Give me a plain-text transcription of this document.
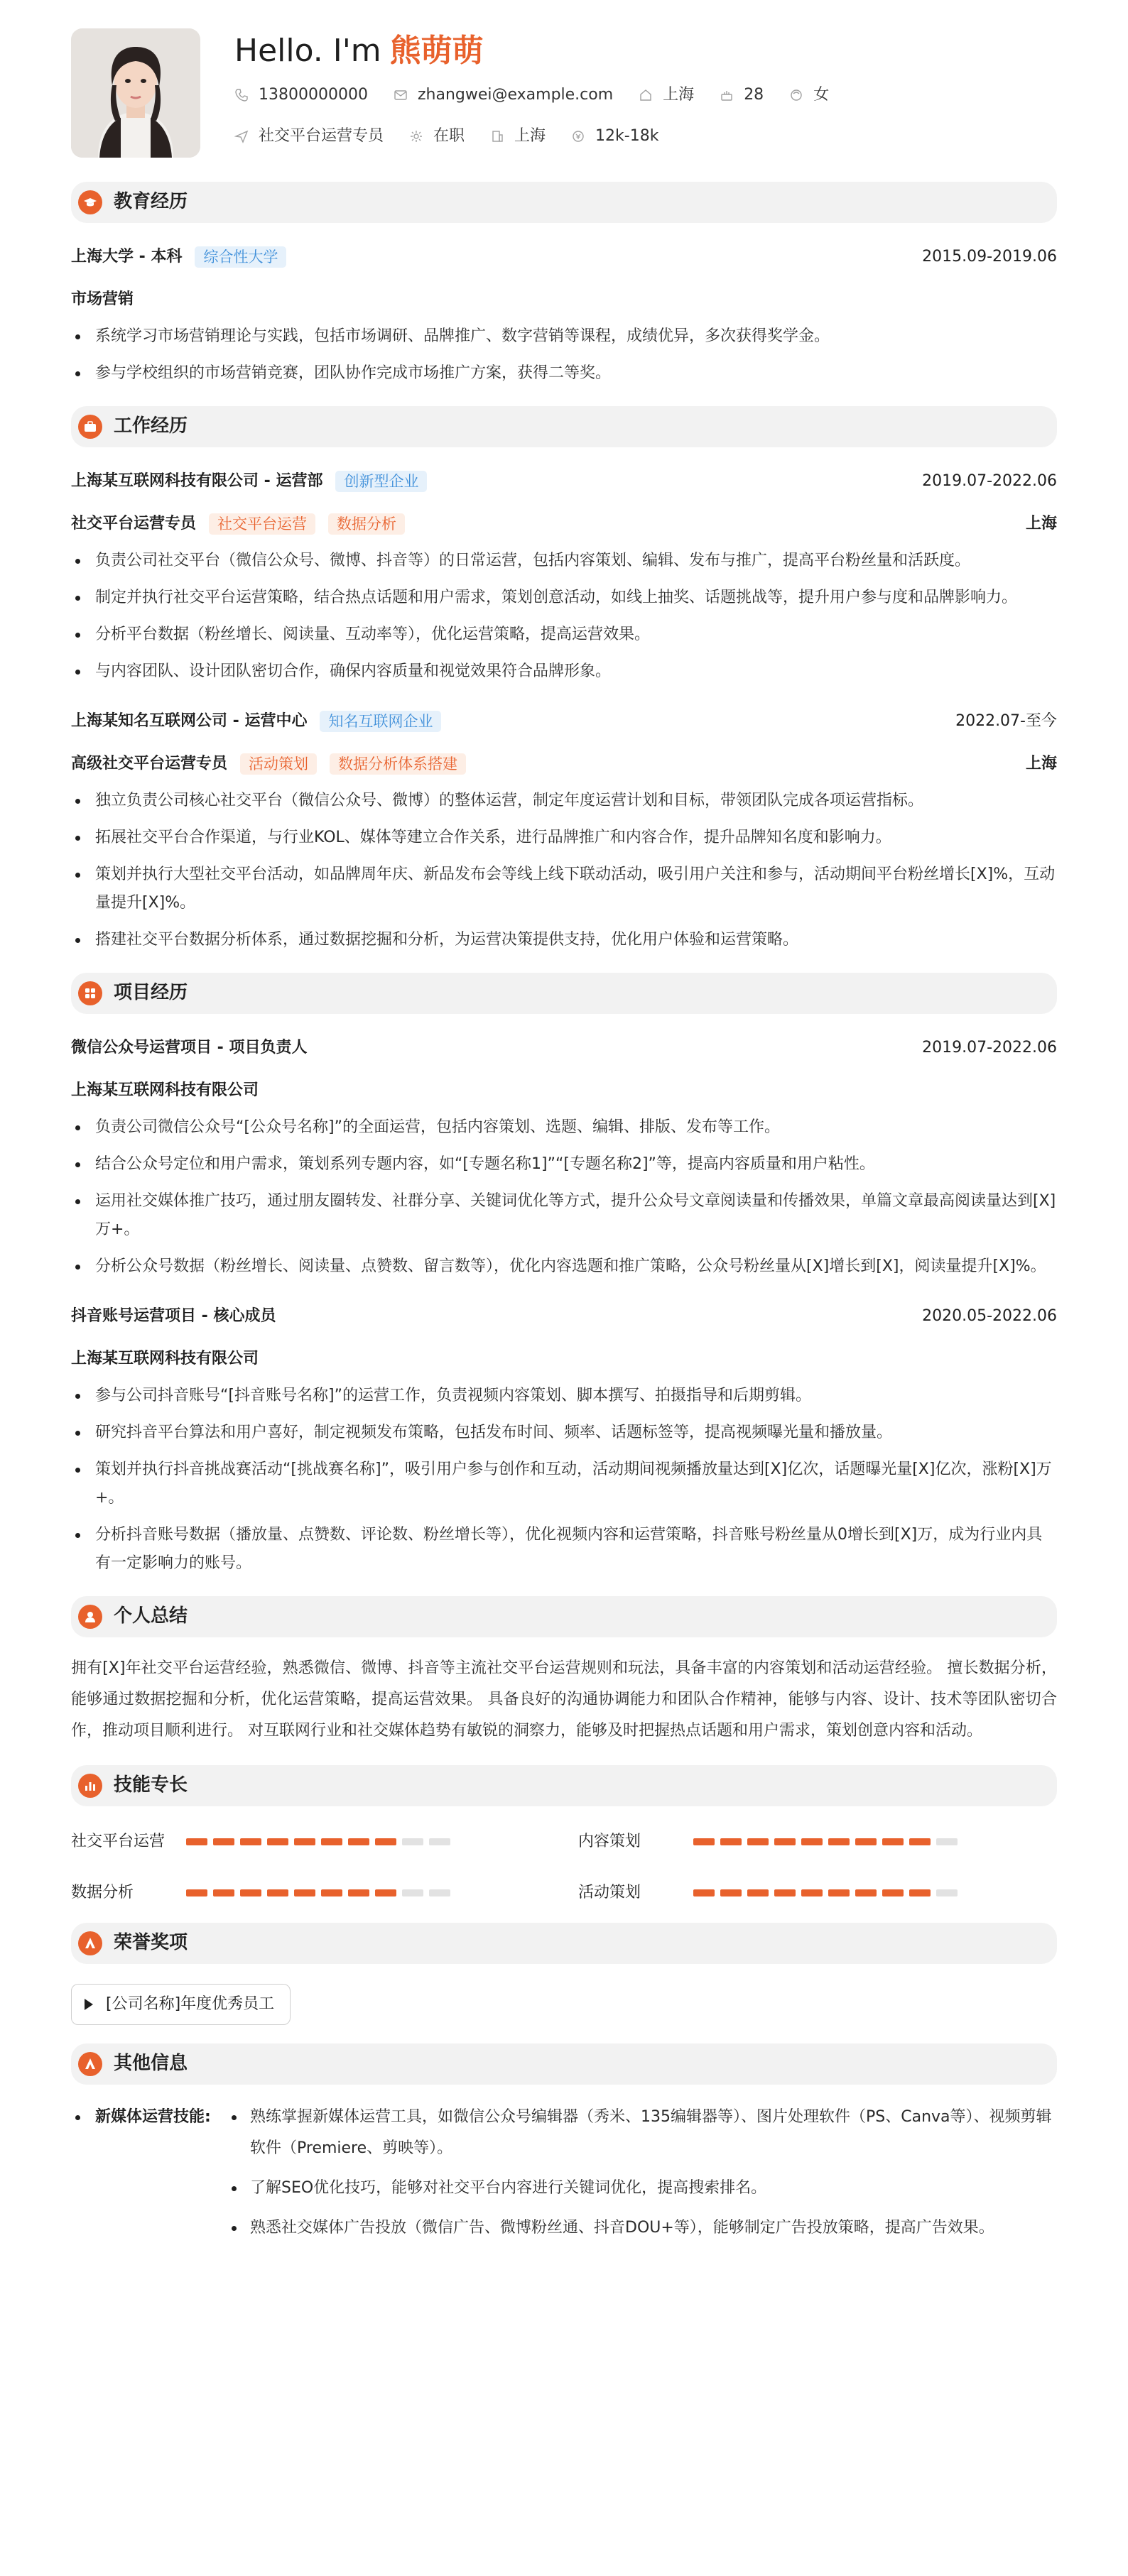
Hello. I'm 熊萌萌
13800000000	zhangwei@example.com	上海	28	女
社交平台运营专员	在职	上海	12k-18k
教育经历
上海大学 - 本科	综合性大学	2015.09-2019.06
市场营销
系统学习市场营销理论与实践，包括市场调研、品牌推广、数字营销等课程，成绩优异，多次获得奖学金。
参与学校组织的市场营销竞赛，团队协作完成市场推广方案，获得二等奖。
工作经历
上海某互联网科技有限公司 - 运营部	创新型企业	2019.07-2022.06
社交平台运营专员	社交平台运营	数据分析	上海
负责公司社交平台（微信公众号、微博、抖音等）的日常运营，包括内容策划、编辑、发布与推广，提高平台粉丝量和活跃度。
制定并执行社交平台运营策略，结合热点话题和用户需求，策划创意活动，如线上抽奖、话题挑战等，提升用户参与度和品牌影响力。
分析平台数据（粉丝增长、阅读量、互动率等），优化运营策略，提高运营效果。
与内容团队、设计团队密切合作，确保内容质量和视觉效果符合品牌形象。
上海某知名互联网公司 - 运营中心	知名互联网企业	2022.07-至今
高级社交平台运营专员	活动策划	数据分析体系搭建	上海
独立负责公司核心社交平台（微信公众号、微博）的整体运营，制定年度运营计划和目标，带领团队完成各项运营指标。
拓展社交平台合作渠道，与行业KOL、媒体等建立合作关系，进行品牌推广和内容合作，提升品牌知名度和影响力。
策划并执行大型社交平台活动，如品牌周年庆、新品发布会等线上线下联动活动，吸引用户关注和参与，活动期间平台粉丝增长[X]%，互动量提升[X]%。
搭建社交平台数据分析体系，通过数据挖掘和分析，为运营决策提供支持，优化用户体验和运营策略。
项目经历
微信公众号运营项目 - 项目负责人	2019.07-2022.06
上海某互联网科技有限公司
负责公司微信公众号“[公众号名称]”的全面运营，包括内容策划、选题、编辑、排版、发布等工作。
结合公众号定位和用户需求，策划系列专题内容，如“[专题名称1]”“[专题名称2]”等，提高内容质量和用户粘性。
运用社交媒体推广技巧，通过朋友圈转发、社群分享、关键词优化等方式，提升公众号文章阅读量和传播效果，单篇文章最高阅读量达到[X]万+。
分析公众号数据（粉丝增长、阅读量、点赞数、留言数等），优化内容选题和推广策略，公众号粉丝量从[X]增长到[X]，阅读量提升[X]%。
抖音账号运营项目 - 核心成员	2020.05-2022.06
上海某互联网科技有限公司
参与公司抖音账号“[抖音账号名称]”的运营工作，负责视频内容策划、脚本撰写、拍摄指导和后期剪辑。
研究抖音平台算法和用户喜好，制定视频发布策略，包括发布时间、频率、话题标签等，提高视频曝光量和播放量。
策划并执行抖音挑战赛活动“[挑战赛名称]”，吸引用户参与创作和互动，活动期间视频播放量达到[X]亿次，话题曝光量[X]亿次，涨粉[X]万+。
分析抖音账号数据（播放量、点赞数、评论数、粉丝增长等），优化视频内容和运营策略，抖音账号粉丝量从0增长到[X]万，成为行业内具有一定影响力的账号。
个人总结

拥有[X]年社交平台运营经验，熟悉微信、微博、抖音等主流社交平台运营规则和玩法，具备丰富的内容策划和活动运营经验。 擅长数据分析，能够通过数据挖掘和分析，优化运营策略，提高运营效果。 具备良好的沟通协调能力和团队合作精神，能够与内容、设计、技术等团队密切合作，推动项目顺利进行。 对互联网行业和社交媒体趋势有敏锐的洞察力，能够及时把握热点话题和用户需求，策划创意内容和活动。

技能专长
社交平台运营	内容策划
数据分析	活动策划
荣誉奖项
[公司名称]年度优秀员工
其他信息
新媒体运营技能:	熟练掌握新媒体运营工具，如微信公众号编辑器（秀米、135编辑器等）、图片处理软件（PS、Canva等）、视频剪辑软件（Premiere、剪映等）。
了解SEO优化技巧，能够对社交平台内容进行关键词优化，提高搜索排名。
熟悉社交媒体广告投放（微信广告、微博粉丝通、抖音DOU+等），能够制定广告投放策略，提高广告效果。
